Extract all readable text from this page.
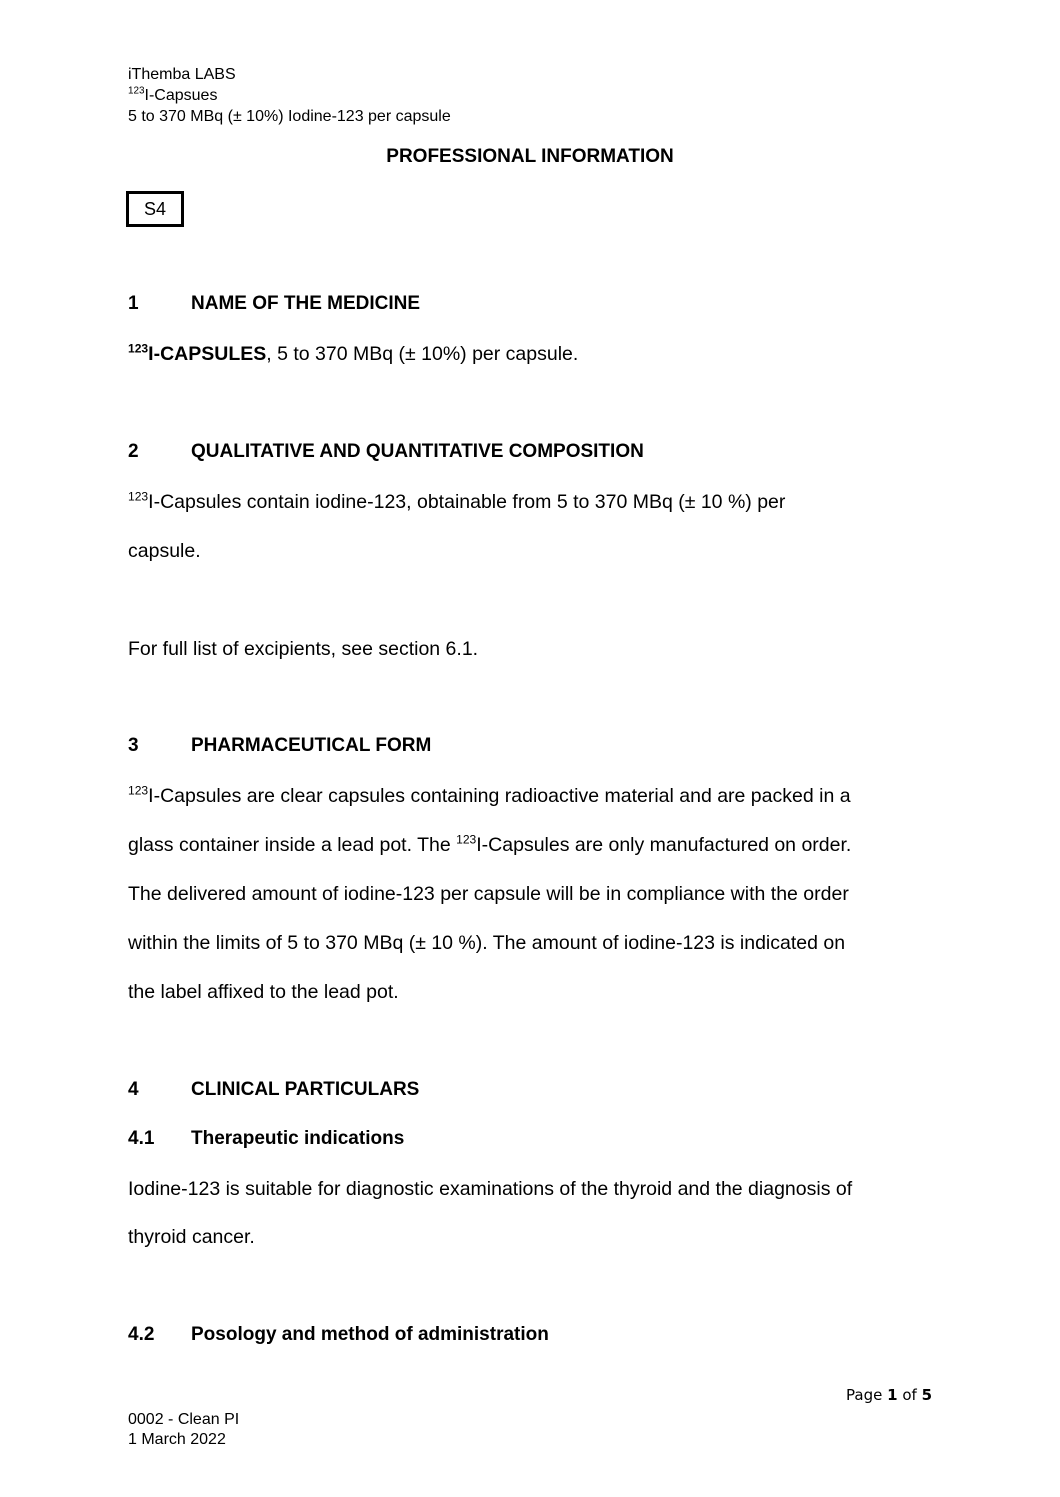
iThemba LABS
$^{123}$I-Capsues
5 to 370 MBq (± 10%) Iodine-123 per capsule
PROFESSIONAL INFORMATION
S4
1	NAME OF THE MEDICINE
$^{123}$I-CAPSULES, 5 to 370 MBq (± 10%) per capsule.
2	QUALITATIVE AND QUANTITATIVE COMPOSITION
$^{123}$I-Capsules contain iodine-123, obtainable from 5 to 370 MBq (± 10 %) per
capsule.
For full list of excipients, see section 6.1.
3	PHARMACEUTICAL FORM
$^{123}$I-Capsules are clear capsules containing radioactive material and are packed in a
glass container inside a lead pot. The $^{123}$I-Capsules are only manufactured on order.
The delivered amount of iodine-123 per capsule will be in compliance with the order
within the limits of 5 to 370 MBq (± 10 %). The amount of iodine-123 is indicated on
the label affixed to the lead pot.
4	CLINICAL PARTICULARS
4.1 Therapeutic indications
Iodine-123 is suitable for diagnostic examinations of the thyroid and the diagnosis of
thyroid cancer.
4.2 Posology and method of administration
Page 1 of 5
0002 - Clean PI
1 March 2022
